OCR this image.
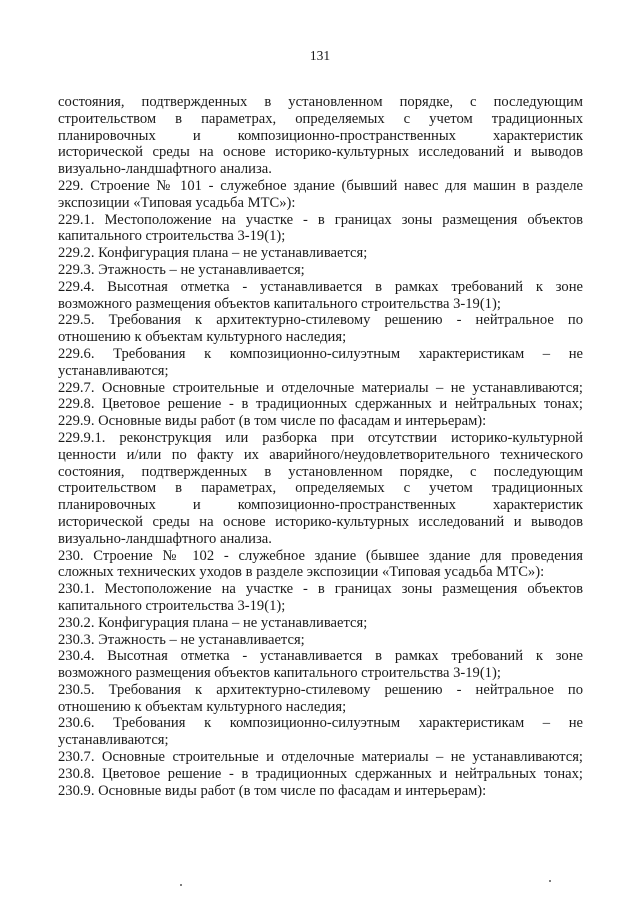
131
состояния, подтвержденных в установленном порядке, с последующим
строительством в параметрах, определяемых с учетом традиционных
планировочных и композиционно-пространственных характеристик
исторической среды на основе историко-культурных исследований и выводов
визуально-ландшафтного анализа.
229. Строение № 101 - служебное здание (бывший навес для машин в разделе
экспозиции «Типовая усадьба МТС»):
229.1. Местоположение на участке - в границах зоны размещения объектов
капитального строительства 3-19(1);
229.2. Конфигурация плана – не устанавливается;
229.3. Этажность – не устанавливается;
229.4. Высотная отметка - устанавливается в рамках требований к зоне
возможного размещения объектов капитального строительства 3-19(1);
229.5. Требования к архитектурно-стилевому решению - нейтральное по
отношению к объектам культурного наследия;
229.6. Требования к композиционно-силуэтным характеристикам – не
устанавливаются;
229.7. Основные строительные и отделочные материалы – не устанавливаются;
229.8. Цветовое решение - в традиционных сдержанных и нейтральных тонах;
229.9. Основные виды работ (в том числе по фасадам и интерьерам):
229.9.1. реконструкция или разборка при отсутствии историко-культурной
ценности и/или по факту их аварийного/неудовлетворительного технического
состояния, подтвержденных в установленном порядке, с последующим
строительством в параметрах, определяемых с учетом традиционных
планировочных и композиционно-пространственных характеристик
исторической среды на основе историко-культурных исследований и выводов
визуально-ландшафтного анализа.
230. Строение № 102 - служебное здание (бывшее здание для проведения
сложных технических уходов в разделе экспозиции «Типовая усадьба МТС»):
230.1. Местоположение на участке - в границах зоны размещения объектов
капитального строительства 3-19(1);
230.2. Конфигурация плана – не устанавливается;
230.3. Этажность – не устанавливается;
230.4. Высотная отметка - устанавливается в рамках требований к зоне
возможного размещения объектов капитального строительства 3-19(1);
230.5. Требования к архитектурно-стилевому решению - нейтральное по
отношению к объектам культурного наследия;
230.6. Требования к композиционно-силуэтным характеристикам – не
устанавливаются;
230.7. Основные строительные и отделочные материалы – не устанавливаются;
230.8. Цветовое решение - в традиционных сдержанных и нейтральных тонах;
230.9. Основные виды работ (в том числе по фасадам и интерьерам):
